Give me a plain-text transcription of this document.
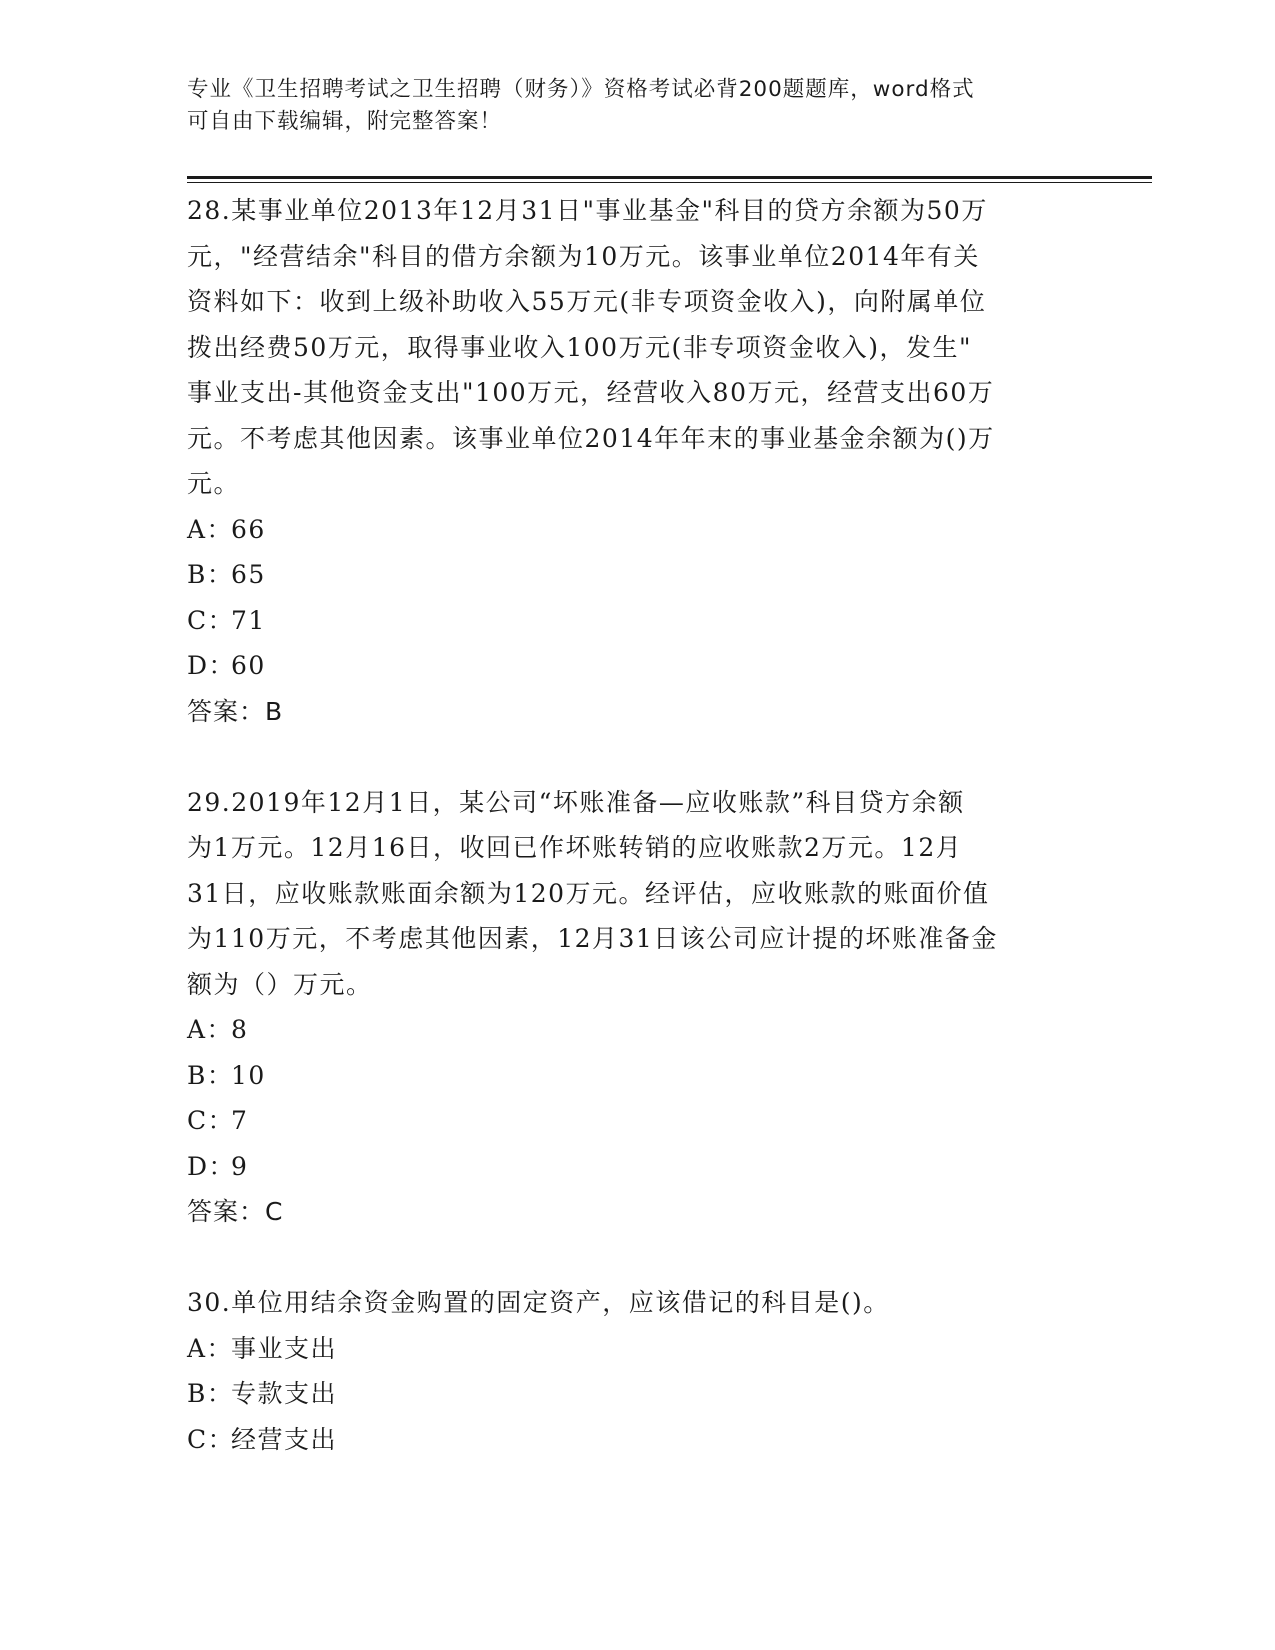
专业《卫生招聘考试之卫生招聘（财务）》资格考试必背200题题库，word格式
可自由下载编辑，附完整答案！
28.某事业单位2013年12月31日"事业基金"科目的贷方余额为50万
元，"经营结余"科目的借方余额为10万元。该事业单位2014年有关
资料如下：收到上级补助收入55万元(非专项资金收入)，向附属单位
拨出经费50万元，取得事业收入100万元(非专项资金收入)，发生"
事业支出-其他资金支出"100万元，经营收入80万元，经营支出60万
元。不考虑其他因素。该事业单位2014年年末的事业基金余额为()万
元。
A：
66
B：
65
C：
71
D：
60
答案：B
29.2019年12月1日，某公司“坏账准备—应收账款”科目贷方余额
为1万元。12月16日，收回已作坏账转销的应收账款2万元。12月
31日，应收账款账面余额为120万元。经评估，应收账款的账面价值
为110万元，不考虑其他因素，12月31日该公司应计提的坏账准备金
额为（）万元。
A：
8
B：
10
C：
7
D：
9
答案：C
30.单位用结余资金购置的固定资产，应该借记的科目是()。
A：
事业支出
B：
专款支出
C：
经营支出
